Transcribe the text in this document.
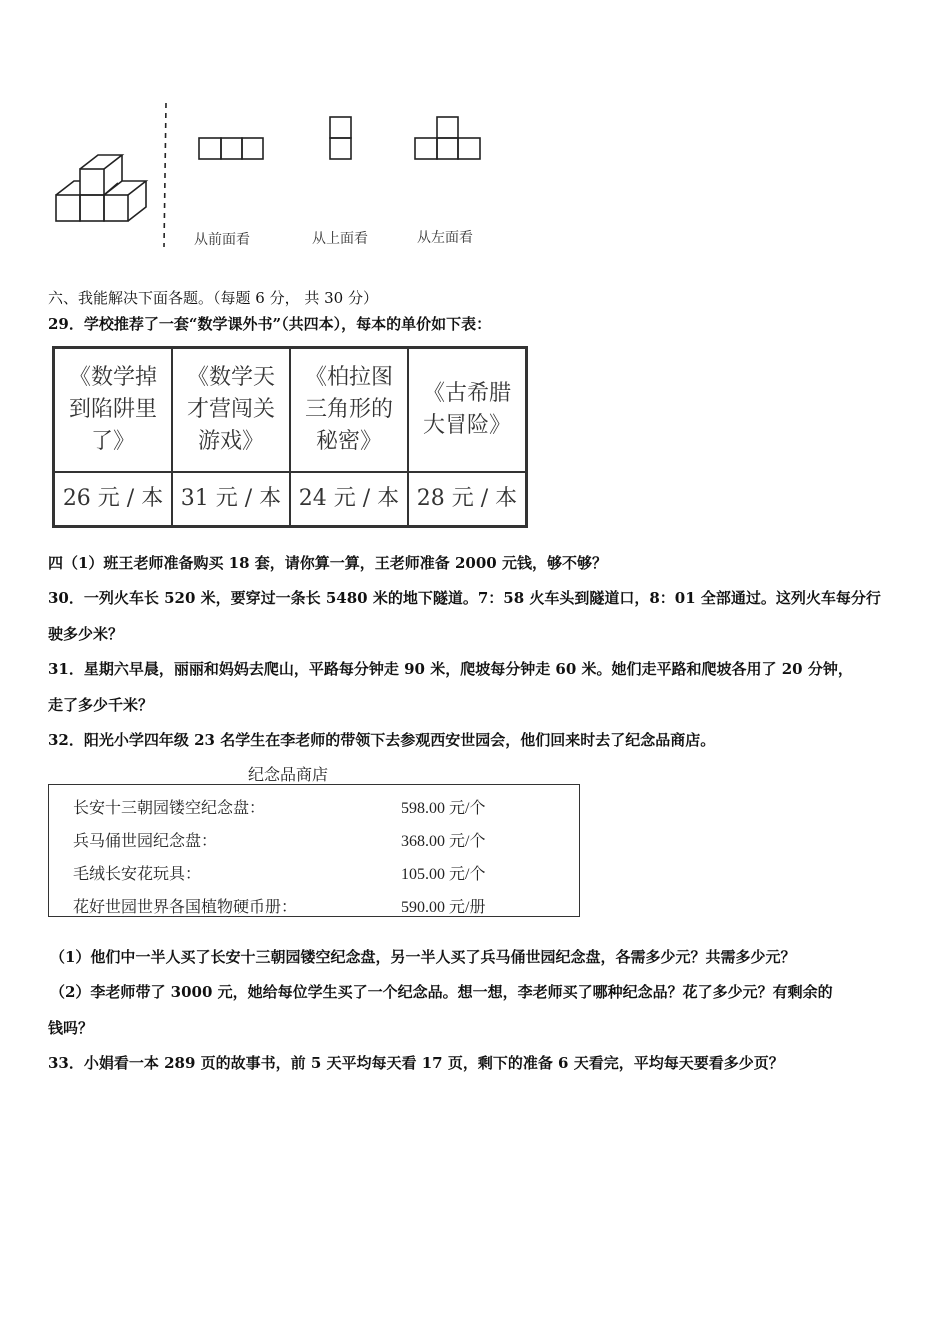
从前面看	从上面看	从左面看
六、我能解决下面各题。（每题 6 分， 共 30 分）
29．学校推荐了一套“数学课外书”（共四本），每本的单价如下表：
《数学掉
到陷阱里
了》	《数学天
才营闯关
游戏》	《柏拉图
三角形的
秘密》	《古希腊
大冒险》
26 元 / 本	31 元 / 本	24 元 / 本	28 元 / 本
四（1）班王老师准备购买 18 套，请你算一算，王老师准备 2000 元钱，够不够？
30．一列火车长 520 米，要穿过一条长 5480 米的地下隧道。7：58 火车头到隧道口，8：01 全部通过。这列火车每分行
驶多少米？
31．星期六早晨，丽丽和妈妈去爬山，平路每分钟走 90 米，爬坡每分钟走 60 米。她们走平路和爬坡各用了 20 分钟，
走了多少千米？
32．阳光小学四年级 23 名学生在李老师的带领下去参观西安世园会，他们回来时去了纪念品商店。
纪念品商店
长安十三朝园镂空纪念盘：	598.00 元/个
兵马俑世园纪念盘：	368.00 元/个
毛绒长安花玩具：	105.00 元/个
花好世园世界各国植物硬币册：	590.00 元/册
（1）他们中一半人买了长安十三朝园镂空纪念盘，另一半人买了兵马俑世园纪念盘，各需多少元？共需多少元？
（2）李老师带了 3000 元，她给每位学生买了一个纪念品。想一想，李老师买了哪种纪念品？花了多少元？有剩余的
钱吗？
33．小娟看一本 289 页的故事书，前 5 天平均每天看 17 页，剩下的准备 6 天看完，平均每天要看多少页？
